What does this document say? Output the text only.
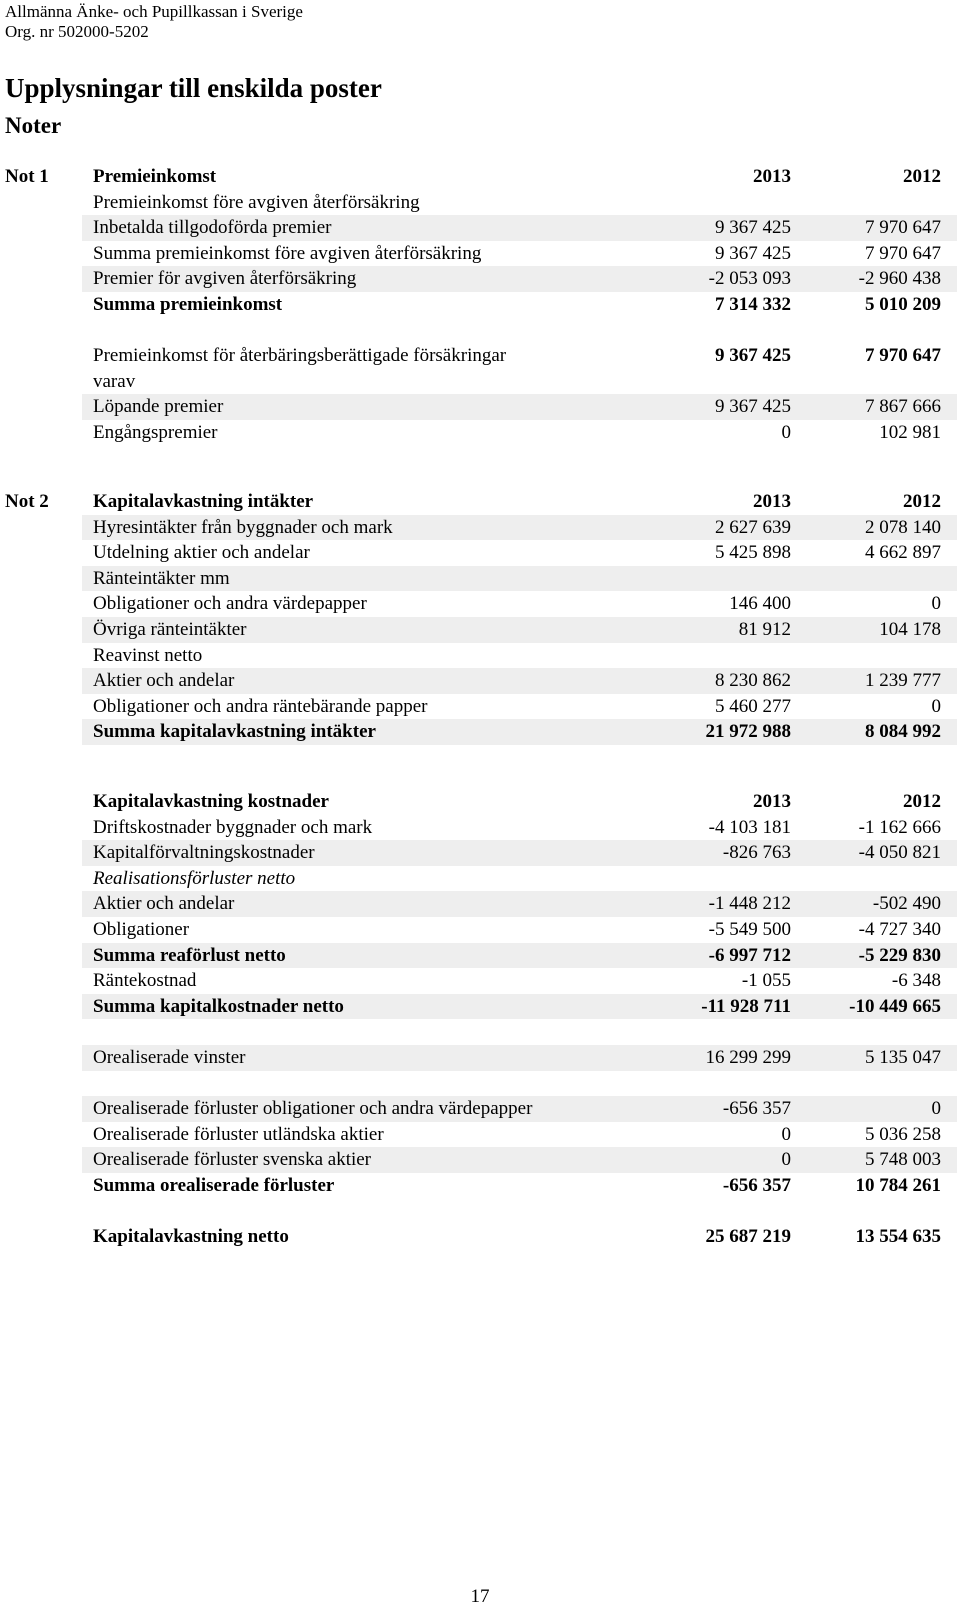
Allmänna Änke- och Pupillkassan i Sverige
Org. nr 502000-5202
Upplysningar till enskilda poster
Noter
Not 1 Premieinkomst	2013	2012
Premieinkomst före avgiven återförsäkring
Inbetalda tillgodoförda premier	9 367 425	7 970 647
Summa premieinkomst före avgiven återförsäkring	9 367 425	7 970 647
Premier för avgiven återförsäkring	-2 053 093	-2 960 438
Summa premieinkomst	7 314 332	5 010 209
Premieinkomst för återbäringsberättigade försäkringar	9 367 425	7 970 647
varav
Löpande premier	9 367 425	7 867 666
Engångspremier	0	102 981
Not 2 Kapitalavkastning intäkter	2013	2012
Hyresintäkter från byggnader och mark	2 627 639	2 078 140
Utdelning aktier och andelar	5 425 898	4 662 897
Ränteintäkter mm
Obligationer och andra värdepapper	146 400	0
Övriga ränteintäkter	81 912	104 178
Reavinst netto
Aktier och andelar	8 230 862	1 239 777
Obligationer och andra räntebärande papper	5 460 277	0
Summa kapitalavkastning intäkter	21 972 988	8 084 992
Kapitalavkastning kostnader	2013	2012
Driftskostnader byggnader och mark	-4 103 181	-1 162 666
Kapitalförvaltningskostnader	-826 763	-4 050 821
Realisationsförluster netto
Aktier och andelar	-1 448 212	-502 490
Obligationer	-5 549 500	-4 727 340
Summa reaförlust netto	-6 997 712	-5 229 830
Räntekostnad	-1 055	-6 348
Summa kapitalkostnader netto	-11 928 711	-10 449 665
Orealiserade vinster	16 299 299	5 135 047
Orealiserade förluster obligationer och andra värdepapper	-656 357	0
Orealiserade förluster utländska aktier	0	5 036 258
Orealiserade förluster svenska aktier	0	5 748 003
Summa orealiserade förluster	-656 357	10 784 261
Kapitalavkastning netto	25 687 219	13 554 635
17
